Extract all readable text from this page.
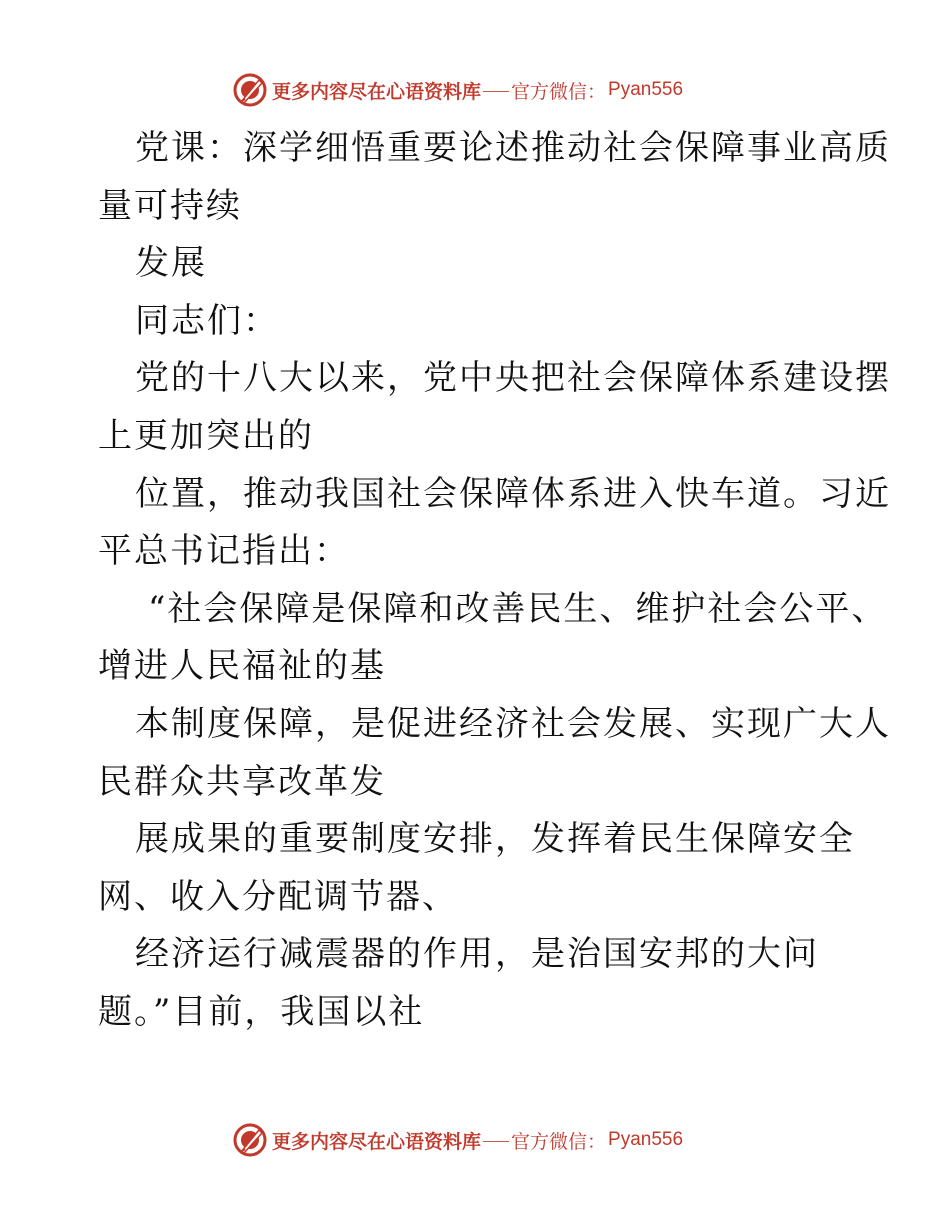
更多内容尽在心语资料库 官方微信： Pyan556
党课：深学细悟重要论述推动社会保障事业高质
量可持续
发展
同志们：
党的十八大以来，党中央把社会保障体系建设摆
上更加突出的
位置，推动我国社会保障体系进入快车道。习近
平总书记指出：
“社会保障是保障和改善民生、维护社会公平、
增进人民福祉的基
本制度保障，是促进经济社会发展、实现广大人
民群众共享改革发
展成果的重要制度安排，发挥着民生保障安全
网、收入分配调节器、
经济运行减震器的作用，是治国安邦的大问
题。”目前，我国以社
更多内容尽在心语资料库 官方微信： Pyan556
